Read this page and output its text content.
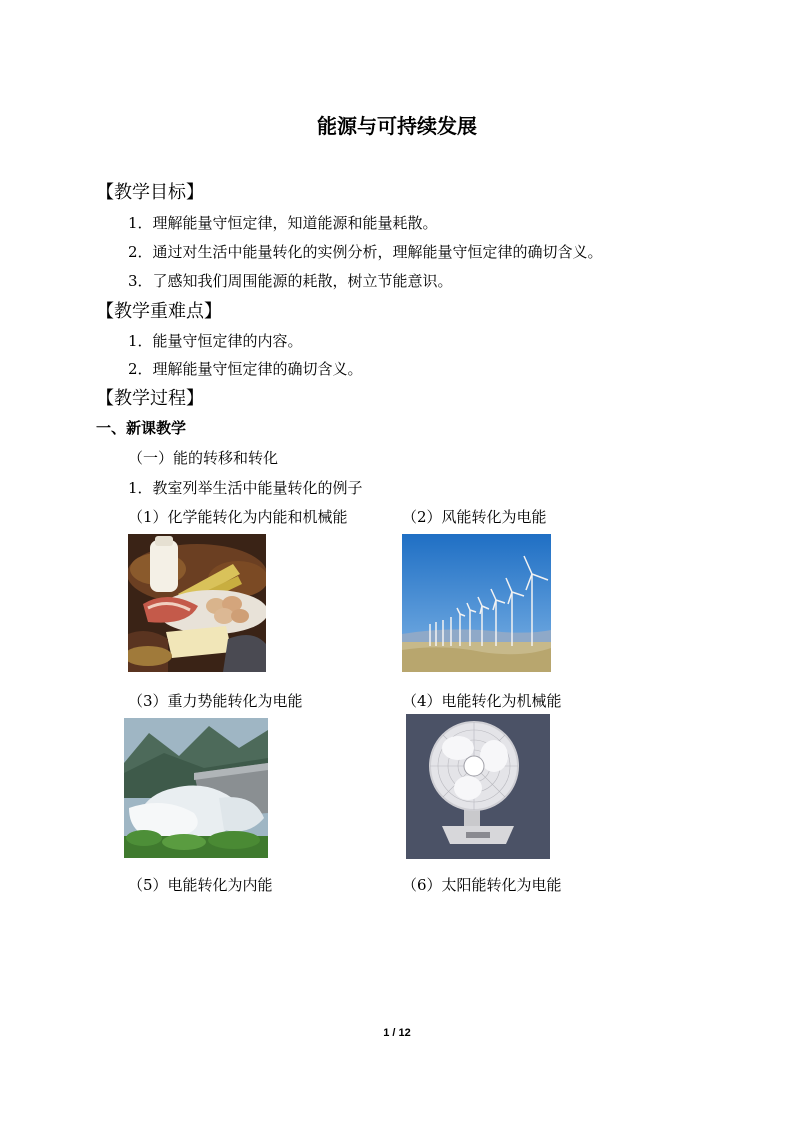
能源与可持续发展
【教学目标】
1．理解能量守恒定律，知道能源和能量耗散。
2．通过对生活中能量转化的实例分析，理解能量守恒定律的确切含义。
3．了感知我们周围能源的耗散，树立节能意识。
【教学重难点】
1．能量守恒定律的内容。
2．理解能量守恒定律的确切含义。
【教学过程】
一、新课教学
（一）能的转移和转化
1．教室列举生活中能量转化的例子
（1）化学能转化为内能和机械能	（2）风能转化为电能
（3）重力势能转化为电能	（4）电能转化为机械能
（5）电能转化为内能	（6）太阳能转化为电能
1 / 12
